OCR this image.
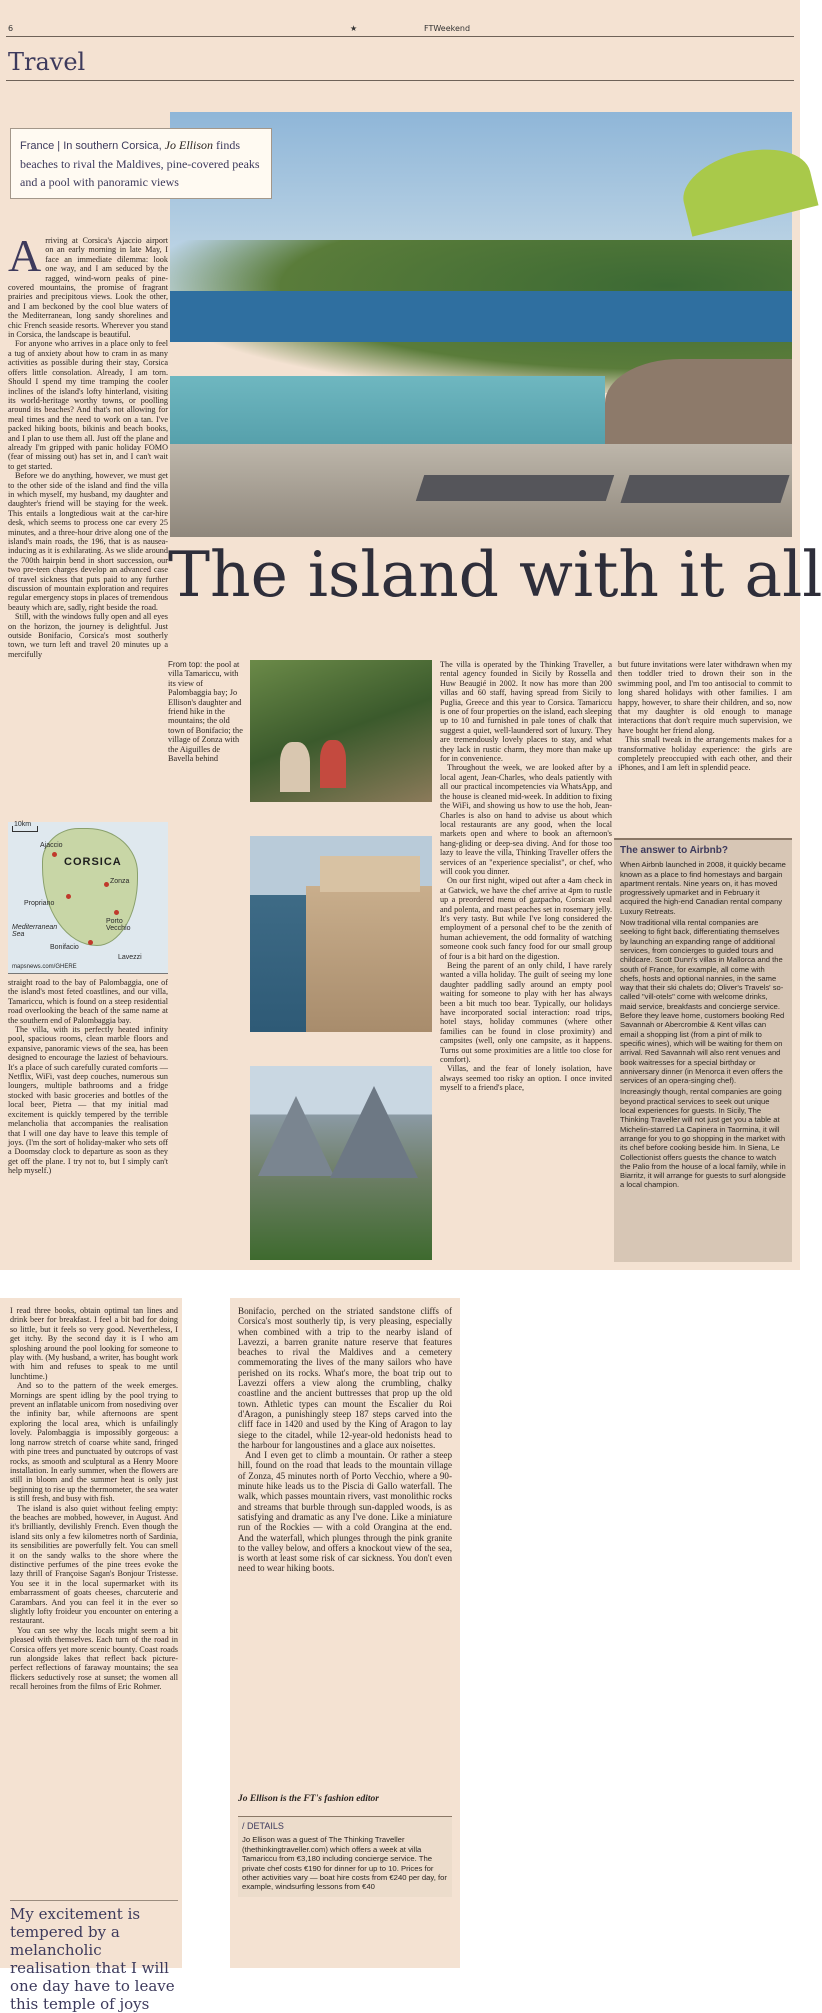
6	★	FTWeekend
Travel
France | In southern Corsica, Jo Ellison finds beaches to rival the Maldives, pine-covered peaks and a pool with panoramic views
The island with it all
A rriving at Corsica's Ajaccio airport on an early morning in late May, I face an immediate dilemma: look one way, and I am seduced by the ragged, wind-worn peaks of pine-covered mountains, the promise of fragrant prairies and precipitous views. Look the other, and I am beckoned by the cool blue waters of the Mediterranean, long sandy shorelines and chic French seaside resorts. Wherever you stand in Corsica, the landscape is beautiful.

For anyone who arrives in a place only to feel a tug of anxiety about how to cram in as many activities as possible during their stay, Corsica offers little consolation. Already, I am torn. Should I spend my time tramping the cooler inclines of the island's lofty hinterland, visiting its world-heritage worthy towns, or poolling around its beaches? And that's not allowing for meal times and the need to work on a tan. I've packed hiking boots, bikinis and beach books, and I plan to use them all. Just off the plane and already I'm gripped with panic holiday FOMO (fear of missing out) has set in, and I can't wait to get started.

Before we do anything, however, we must get to the other side of the island and find the villa in which myself, my husband, my daughter and daughter's friend will be staying for the week. This entails a longtedious wait at the car-hire desk, which seems to process one car every 25 minutes, and a three-hour drive along one of the island's main roads, the 196, that is as nausea-inducing as it is exhilarating. As we slide around the 700th hairpin bend in short succession, our two pre-teen charges develop an advanced case of travel sickness that puts paid to any further discussion of mountain exploration and requires regular emergency stops in places of tremendous beauty which are, sadly, right beside the road.

Still, with the windows fully open and all eyes on the horizon, the journey is delightful. Just outside Bonifacio, Corsica's most southerly town, we turn left and travel 20 minutes up a mercifully

10km
CORSICA
Ajaccio
Propriano
Zonza
Porto Vecchio
Bonifacio
Lavezzi
Mediterranean Sea
mapsnews.com/GHERE

straight road to the bay of Palombaggia, one of the island's most feted coastlines, and our villa, Tamariccu, which is found on a steep residential road overlooking the beach of the same name at the southern end of Palombaggia bay.

The villa, with its perfectly heated infinity pool, spacious rooms, clean marble floors and expansive, panoramic views of the sea, has been designed to encourage the laziest of behaviours. It's a place of such carefully curated comforts — Netflix, WiFi, vast deep couches, numerous sun loungers, multiple bathrooms and a fridge stocked with basic groceries and bottles of the local beer, Pietra — that my initial mad excitement is quickly tempered by the terrible melancholia that accompanies the realisation that I will one day have to leave this temple of joys. (I'm the sort of holiday-maker who sets off a Doomsday clock to departure as soon as they get off the plane. I try not to, but I simply can't help myself.)

From top: the pool at villa Tamariccu, with its view of Palombaggia bay; Jo Ellison's daughter and friend hike in the mountains; the old town of Bonifacio; the village of Zonza with the Aiguilles de Bavella behind

The villa is operated by the Thinking Traveller, a rental agency founded in Sicily by Rossella and Huw Beaugié in 2002. It now has more than 200 villas and 60 staff, having spread from Sicily to Puglia, Greece and this year to Corsica. Tamariccu is one of four properties on the island, each sleeping up to 10 and furnished in pale tones of chalk that suggest a quiet, well-laundered sort of luxury. They are tremendously lovely places to stay, and what they lack in rustic charm, they more than make up for in convenience.

Throughout the week, we are looked after by a local agent, Jean-Charles, who deals patiently with all our practical incompetencies via WhatsApp, and the house is cleaned mid-week. In addition to fixing the WiFi, and showing us how to use the hob, Jean-Charles is also on hand to advise us about which local restaurants are any good, when the local markets open and where to book an afternoon's hang-gliding or deep-sea diving. And for those too lazy to leave the villa, Thinking Traveller offers the services of an "experience specialist", or chef, who will cook you dinner.

On our first night, wiped out after a 4am check in at Gatwick, we have the chef arrive at 4pm to rustle up a preordered menu of gazpacho, Corsican veal and polenta, and roast peaches set in rosemary jelly. It's very tasty. But while I've long considered the employment of a personal chef to be the zenith of human achievement, the odd formality of watching someone cook such fancy food for our small group of four is a bit hard on the digestion.

Being the parent of an only child, I have rarely wanted a villa holiday. The guilt of seeing my lone daughter paddling sadly around an empty pool waiting for someone to play with her has always been a bit much too bear. Typically, our holidays have incorporated social interaction: road trips, hotel stays, holiday communes (where other families can be found in close proximity) and campsites (well, only one campsite, as it happens. Turns out some proximities are a little too close for comfort).

Villas, and the fear of lonely isolation, have always seemed too risky an option. I once invited myself to a friend's place,

but future invitations were later withdrawn when my then toddler tried to drown their son in the swimming pool, and I'm too antisocial to commit to long shared holidays with other families. I am happy, however, to share their children, and so, now that my daughter is old enough to manage interactions that don't require much supervision, we have bought her friend along.

This small tweak in the arrangements makes for a transformative holiday experience: the girls are completely preoccupied with each other, and their iPhones, and I am left in splendid peace.

The answer to Airbnb?

When Airbnb launched in 2008, it quickly became known as a place to find homestays and bargain apartment rentals. Nine years on, it has moved progressively upmarket and in February it acquired the high-end Canadian rental company Luxury Retreats.

Now traditional villa rental companies are seeking to fight back, differentiating themselves by launching an expanding range of additional services, from concierges to guided tours and childcare. Scott Dunn's villas in Mallorca and the south of France, for example, all come with chefs, hosts and optional nannies, in the same way that their ski chalets do; Oliver's Travels' so-called "vill-otels" come with welcome drinks, maid service, breakfasts and concierge service. Before they leave home, customers booking Red Savannah or Abercrombie & Kent villas can email a shopping list (from a pint of milk to specific wines), which will be waiting for them on arrival. Red Savannah will also rent venues and book waitresses for a special birthday or anniversary dinner (in Menorca it even offers the services of an opera-singing chef).

Increasingly though, rental companies are going beyond practical services to seek out unique local experiences for guests. In Sicily, The Thinking Traveller will not just get you a table at Michelin-starred La Capinera in Taormina, it will arrange for you to go shopping in the market with its chef before cooking beside him. In Siena, Le Collectionist offers guests the chance to watch the Palio from the house of a local family, while in Biarritz, it will arrange for guests to surf alongside a local champion.

I read three books, obtain optimal tan lines and drink beer for breakfast. I feel a bit bad for doing so little, but it feels so very good. Nevertheless, I get itchy. By the second day it is I who am sploshing around the pool looking for someone to play with. (My husband, a writer, has bought work with him and refuses to speak to me until lunchtime.)

And so to the pattern of the week emerges. Mornings are spent idling by the pool trying to prevent an inflatable unicorn from nosediving over the infinity bar, while afternoons are spent exploring the local area, which is unfailingly lovely. Palombaggia is impossibly gorgeous: a long narrow stretch of coarse white sand, fringed with pine trees and punctuated by outcrops of vast rocks, as smooth and sculptural as a Henry Moore installation. In early summer, when the flowers are still in bloom and the summer heat is only just beginning to rise up the thermometer, the sea water is still fresh, and busy with fish.

The island is also quiet without feeling empty: the beaches are mobbed, however, in August. And it's brilliantly, devilishly French. Even though the island sits only a few kilometres north of Sardinia, its sensibilities are powerfully felt. You can smell it on the sandy walks to the shore where the distinctive perfumes of the pine trees evoke the lazy thrill of Françoise Sagan's Bonjour Tristesse. You see it in the local supermarket with its embarrassment of goats cheeses, charcuterie and Carambars. And you can feel it in the ever so slightly lofty froideur you encounter on entering a restaurant.

You can see why the locals might seem a bit pleased with themselves. Each turn of the road in Corsica offers yet more scenic bounty. Coast roads run alongside lakes that reflect back picture-perfect reflections of faraway mountains; the sea flickers seductively rose at sunset; the women all recall heroines from the films of Eric Rohmer.

My excitement is tempered by a melancholic realisation that I will one day have to leave this temple of joys

Bonifacio, perched on the striated sandstone cliffs of Corsica's most southerly tip, is very pleasing, especially when combined with a trip to the nearby island of Lavezzi, a barren granite nature reserve that features beaches to rival the Maldives and a cemetery commemorating the lives of the many sailors who have perished on its rocks. What's more, the boat trip out to Lavezzi offers a view along the crumbling, chalky coastline and the ancient buttresses that prop up the old town. Athletic types can mount the Escalier du Roi d'Aragon, a punishingly steep 187 steps carved into the cliff face in 1420 and used by the King of Aragon to lay siege to the citadel, while 12-year-old hedonists head to the harbour for langoustines and a glace aux noisettes.

And I even get to climb a mountain. Or rather a steep hill, found on the road that leads to the mountain village of Zonza, 45 minutes north of Porto Vecchio, where a 90-minute hike leads us to the Piscia di Gallo waterfall. The walk, which passes mountain rivers, vast monolithic rocks and streams that burble through sun-dappled woods, is as satisfying and dramatic as any I've done. Like a miniature run of the Rockies — with a cold Orangina at the end. And the waterfall, which plunges through the pink granite to the valley below, and offers a knockout view of the sea, is worth at least some risk of car sickness. You don't even need to wear hiking boots.

Jo Ellison is the FT's fashion editor
/ DETAILS
Jo Ellison was a guest of The Thinking Traveller (thethinkingtraveller.com) which offers a week at villa Tamariccu from €3,180 including concierge service. The private chef costs €190 for dinner for up to 10. Prices for other activities vary — boat hire costs from €240 per day, for example, windsurfing lessons from €40
